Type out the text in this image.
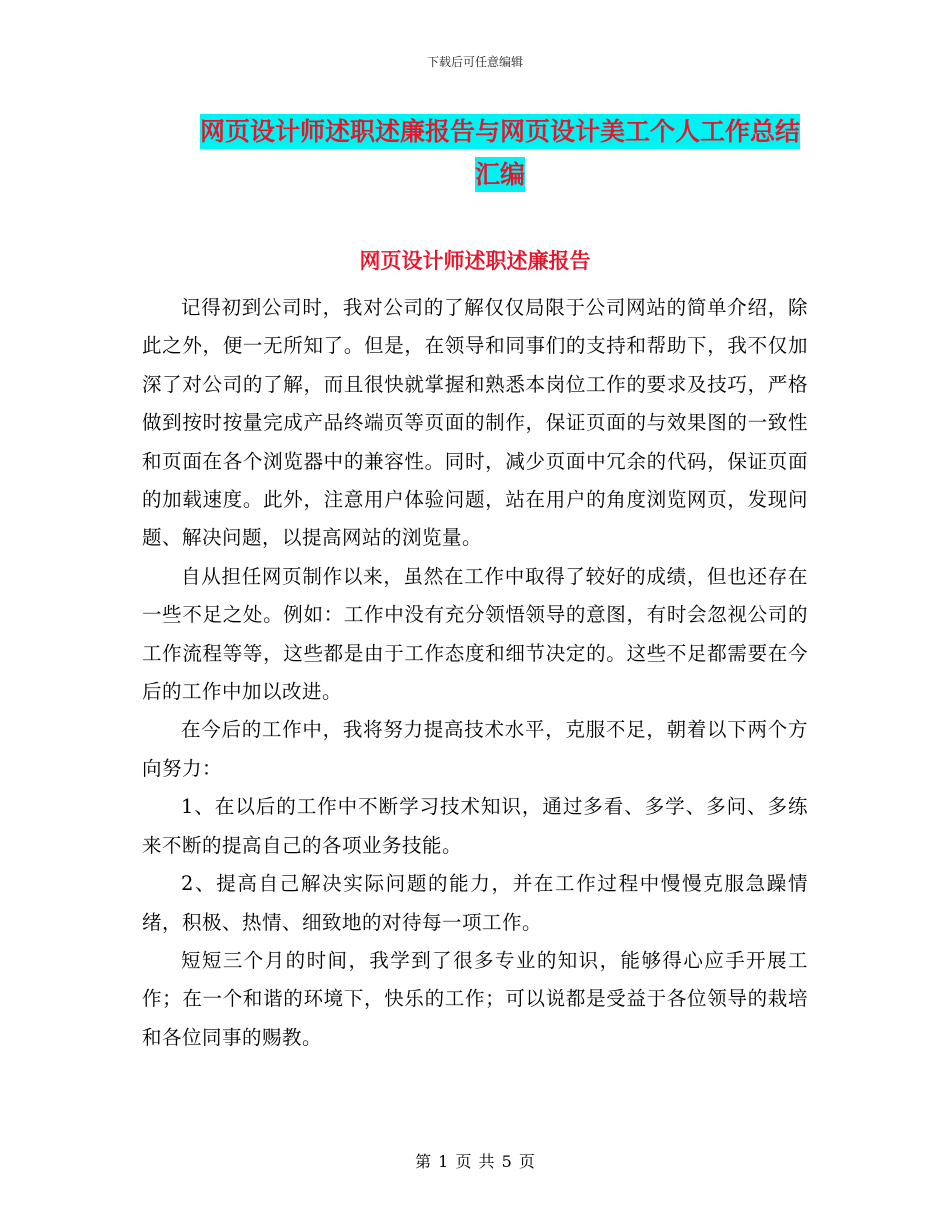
下载后可任意编辑
网页设计师述职述廉报告与网页设计美工个人工作总结汇编
网页设计师述职述廉报告

记得初到公司时，我对公司的了解仅仅局限于公司网站的简单介绍，除此之外，便一无所知了。但是，在领导和同事们的支持和帮助下，我不仅加深了对公司的了解，而且很快就掌握和熟悉本岗位工作的要求及技巧，严格做到按时按量完成产品终端页等页面的制作，保证页面的与效果图的一致性和页面在各个浏览器中的兼容性。同时，减少页面中冗余的代码，保证页面的加载速度。此外，注意用户体验问题，站在用户的角度浏览网页，发现问题、解决问题，以提高网站的浏览量。

自从担任网页制作以来，虽然在工作中取得了较好的成绩，但也还存在一些不足之处。例如：工作中没有充分领悟领导的意图，有时会忽视公司的工作流程等等，这些都是由于工作态度和细节决定的。这些不足都需要在今后的工作中加以改进。

在今后的工作中，我将努力提高技术水平，克服不足，朝着以下两个方向努力：

1、在以后的工作中不断学习技术知识，通过多看、多学、多问、多练来不断的提高自己的各项业务技能。

2、提高自己解决实际问题的能力，并在工作过程中慢慢克服急躁情绪，积极、热情、细致地的对待每一项工作。

短短三个月的时间，我学到了很多专业的知识，能够得心应手开展工作；在一个和谐的环境下，快乐的工作；可以说都是受益于各位领导的栽培和各位同事的赐教。

第 1 页 共 5 页
